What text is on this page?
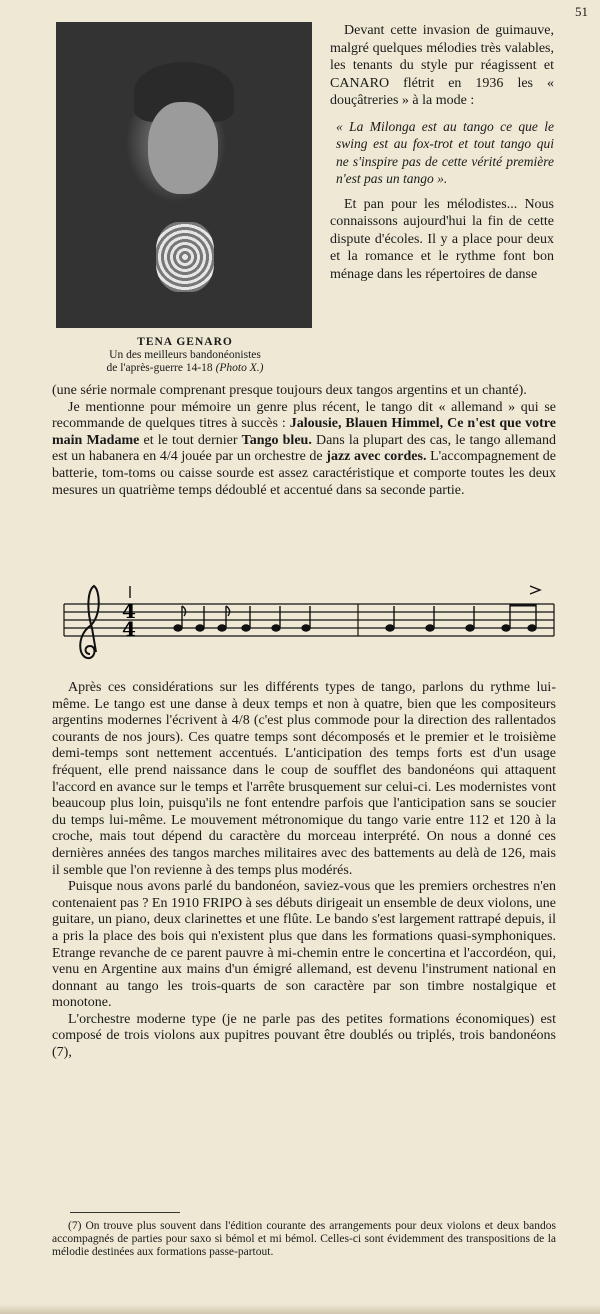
51
TENA GENARO
Un des meilleurs bandonéonistes
de l'après-guerre 14-18 (Photo X.)

Devant cette invasion de guimauve, malgré quelques mélodies très valables, les tenants du style pur réagissent et CANARO flétrit en 1936 les « douçâtreries » à la mode :

« La Milonga est au tango ce que le swing est au fox-trot et tout tango qui ne s'inspire pas de cette vérité première n'est pas un tango ».

Et pan pour les mélodistes... Nous connaissons aujourd'hui la fin de cette dispute d'écoles. Il y a place pour deux et la romance et le rythme font bon ménage dans les répertoires de danse

(une série normale comprenant presque toujours deux tangos argentins et un chanté).

Je mentionne pour mémoire un genre plus récent, le tango dit « allemand » qui se recommande de quelques titres à succès : Jalousie, Blauen Himmel, Ce n'est que votre main Madame et le tout dernier Tango bleu. Dans la plupart des cas, le tango allemand est un habanera en 4/4 jouée par un orchestre de jazz avec cordes. L'accompagnement de batterie, tom-toms ou caisse sourde est assez caractéristique et comporte toutes les deux mesures un quatrième temps dédoublé et accentué dans sa seconde partie.

4
4

Après ces considérations sur les différents types de tango, parlons du rythme lui-même. Le tango est une danse à deux temps et non à quatre, bien que les compositeurs argentins modernes l'écrivent à 4/8 (c'est plus commode pour la direction des rallentados courants de nos jours). Ces quatre temps sont décomposés et le premier et le troisième demi-temps sont nettement accentués. L'anticipation des temps forts est d'un usage fréquent, elle prend naissance dans le coup de soufflet des bandonéons qui attaquent l'accord en avance sur le temps et l'arrête brusquement sur celui-ci. Les modernistes vont beaucoup plus loin, puisqu'ils ne font entendre parfois que l'anticipation sans se soucier du temps lui-même. Le mouvement métronomique du tango varie entre 112 et 120 à la croche, mais tout dépend du caractère du morceau interprété. On nous a donné ces dernières années des tangos marches militaires avec des battements au delà de 126, mais il semble que l'on revienne à des temps plus modérés.

Puisque nous avons parlé du bandonéon, saviez-vous que les premiers orchestres n'en contenaient pas ? En 1910 FRIPO à ses débuts dirigeait un ensemble de deux violons, une guitare, un piano, deux clarinettes et une flûte. Le bando s'est largement rattrapé depuis, il a pris la place des bois qui n'existent plus que dans les formations quasi-symphoniques. Etrange revanche de ce parent pauvre à mi-chemin entre le concertina et l'accordéon, qui, venu en Argentine aux mains d'un émigré allemand, est devenu l'instrument national en donnant au tango les trois-quarts de son caractère par son timbre nostalgique et monotone.

L'orchestre moderne type (je ne parle pas des petites formations économiques) est composé de trois violons aux pupitres pouvant être doublés ou triplés, trois bandonéons (7),

(7) On trouve plus souvent dans l'édition courante des arrangements pour deux violons et deux bandos accompagnés de parties pour saxo si bémol et mi bémol. Celles-ci sont évidemment des transpositions de la mélodie destinées aux formations passe-partout.
